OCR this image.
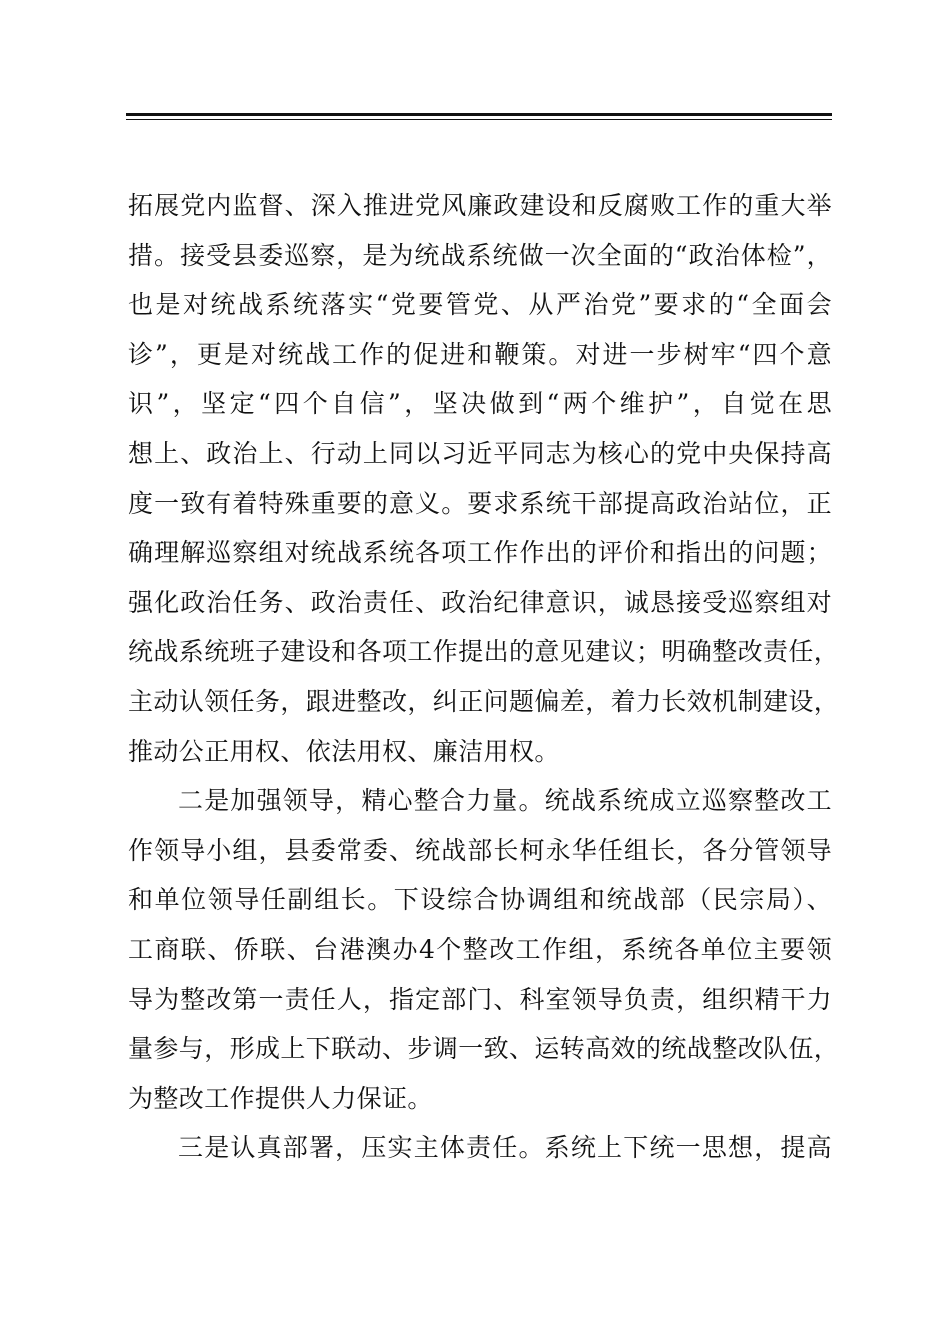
拓展党内监督、深入推进党风廉政建设和反腐败工作的重大举
措。接受县委巡察，是为统战系统做一次全面的“政治体检”，
也是对统战系统落实“党要管党、从严治党”要求的“全面会
诊”，更是对统战工作的促进和鞭策。对进一步树牢“四个意
识”，坚定“四个自信”，坚决做到“两个维护”，自觉在思
想上、政治上、行动上同以习近平同志为核心的党中央保持高
度一致有着特殊重要的意义。要求系统干部提高政治站位，正
确理解巡察组对统战系统各项工作作出的评价和指出的问题；
强化政治任务、政治责任、政治纪律意识，诚恳接受巡察组对
统战系统班子建设和各项工作提出的意见建议；明确整改责任，
主动认领任务，跟进整改，纠正问题偏差，着力长效机制建设，
推动公正用权、依法用权、廉洁用权。
二是加强领导，精心整合力量。统战系统成立巡察整改工
作领导小组，县委常委、统战部长柯永华任组长，各分管领导
和单位领导任副组长。下设综合协调组和统战部（民宗局）、
工商联、侨联、台港澳办4个整改工作组，系统各单位主要领
导为整改第一责任人，指定部门、科室领导负责，组织精干力
量参与，形成上下联动、步调一致、运转高效的统战整改队伍，
为整改工作提供人力保证。
三是认真部署，压实主体责任。系统上下统一思想，提高
